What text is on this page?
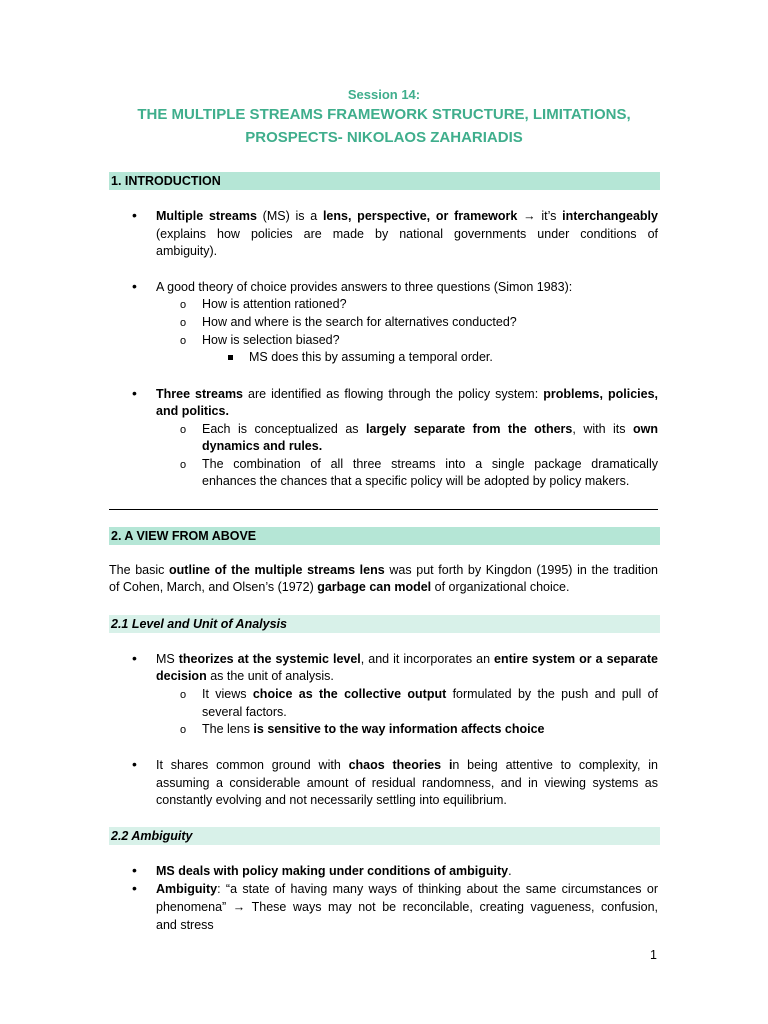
Session 14:
THE MULTIPLE STREAMS FRAMEWORK STRUCTURE, LIMITATIONS,
PROSPECTS- NIKOLAOS ZAHARIADIS
1. INTRODUCTION
• Multiple streams (MS) is a lens, perspective, or framework → it’s interchangeably
(explains how policies are made by national governments under conditions of
ambiguity).
• A good theory of choice provides answers to three questions (Simon 1983):
o How is attention rationed?
o How and where is the search for alternatives conducted?
o How is selection biased?
MS does this by assuming a temporal order.
• Three streams are identified as flowing through the policy system: problems, policies,
and politics.
o Each is conceptualized as largely separate from the others, with its own
dynamics and rules.
o The combination of all three streams into a single package dramatically
enhances the chances that a specific policy will be adopted by policy makers.
2. A VIEW FROM ABOVE
The basic outline of the multiple streams lens was put forth by Kingdon (1995) in the tradition
of Cohen, March, and Olsen’s (1972) garbage can model of organizational choice.
2.1 Level and Unit of Analysis
• MS theorizes at the systemic level, and it incorporates an entire system or a separate
decision as the unit of analysis.
o It views choice as the collective output formulated by the push and pull of
several factors.
o The lens is sensitive to the way information affects choice
• It shares common ground with chaos theories in being attentive to complexity, in
assuming a considerable amount of residual randomness, and in viewing systems as
constantly evolving and not necessarily settling into equilibrium.
2.2 Ambiguity
• MS deals with policy making under conditions of ambiguity.
• Ambiguity: “a state of having many ways of thinking about the same circumstances or
phenomena” → These ways may not be reconcilable, creating vagueness, confusion,
and stress
1
